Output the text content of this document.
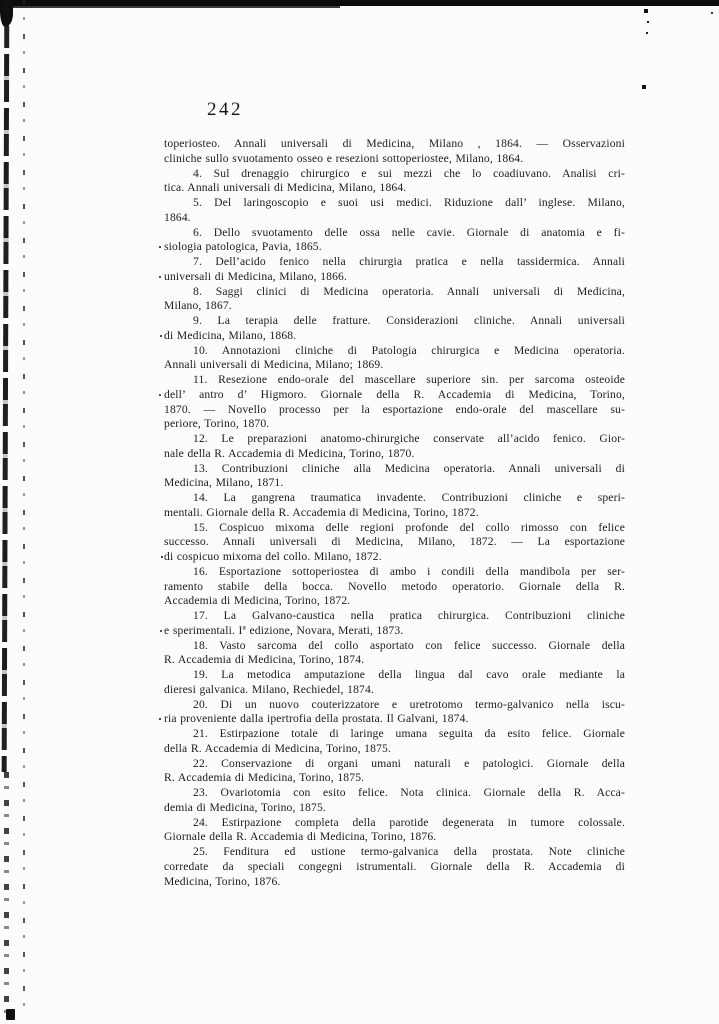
242
toperiosteo. Annali universali di Medicina, Milano , 1864. — Osservazioni
cliniche sullo svuotamento osseo e resezioni sottoperiostee, Milano, 1864.
4. Sul drenaggio chirurgico e sui mezzi che lo coadiuvano. Analisi cri-
tica. Annali universali di Medicina, Milano, 1864.
5. Del laringoscopio e suoi usi medici. Riduzione dall’ inglese. Milano,
1864.
6. Dello svuotamento delle ossa nelle cavie. Giornale di anatomia e fi-
siologia patologica, Pavia, 1865.
7. Dell’acido fenico nella chirurgia pratica e nella tassidermica. Annali
universali di Medicina, Milano, 1866.
8. Saggi clinici di Medicina operatoria. Annali universali di Medicina,
Milano, 1867.
9. La terapia delle fratture. Considerazioni cliniche. Annali universali
di Medicina, Milano, 1868.
10. Annotazioni cliniche di Patologia chirurgica e Medicina operatoria.
Annali universali di Medicina, Milano; 1869.
11. Resezione endo-orale del mascellare superiore sin. per sarcoma osteoide
dell’ antro d’ Higmoro. Giornale della R. Accademia di Medicina, Torino,
1870. — Novello processo per la esportazione endo-orale del mascellare su-
periore, Torino, 1870.
12. Le preparazioni anatomo-chirurgiche conservate all’acido fenico. Gior-
nale della R. Accademia di Medicina, Torino, 1870.
13. Contribuzioni cliniche alla Medicina operatoria. Annali universali di
Medicina, Milano, 1871.
14. La gangrena traumatica invadente. Contribuzioni cliniche e speri-
mentali. Giornale della R. Accademia di Medicina, Torino, 1872.
15. Cospicuo mixoma delle regioni profonde del collo rimosso con felice
successo. Annali universali di Medicina, Milano, 1872. — La esportazione
di cospicuo mixoma del collo. Milano, 1872.
16. Esportazione sottoperiostea di ambo i condili della mandibola per ser-
ramento stabile della bocca. Novello metodo operatorio. Giornale della R.
Accademia di Medicina, Torino, 1872.
17. La Galvano-caustica nella pratica chirurgica. Contribuzioni cliniche
e sperimentali. Iª edizione, Novara, Merati, 1873.
18. Vasto sarcoma del collo asportato con felice successo. Giornale della
R. Accademia di Medicina, Torino, 1874.
19. La metodica amputazione della lingua dal cavo orale mediante la
dieresi galvanica. Milano, Rechiedel, 1874.
20. Di un nuovo couterizzatore e uretrotomo termo-galvanico nella iscu-
ria proveniente dalla ipertrofia della prostata. Il Galvani, 1874.
21. Estirpazione totale di laringe umana seguita da esito felice. Giornale
della R. Accademia di Medicina, Torino, 1875.
22. Conservazione di organi umani naturali e patologici. Giornale della
R. Accademia di Medicina, Torino, 1875.
23. Ovariotomia con esito felice. Nota clinica. Giornale della R. Acca-
demia di Medicina, Torino, 1875.
24. Estirpazione completa della parotide degenerata in tumore colossale.
Giornale della R. Accademia di Medicina, Torino, 1876.
25. Fenditura ed ustione termo-galvanica della prostata. Note cliniche
corredate da speciali congegni istrumentali. Giornale della R. Accademia di
Medicina, Torino, 1876.
